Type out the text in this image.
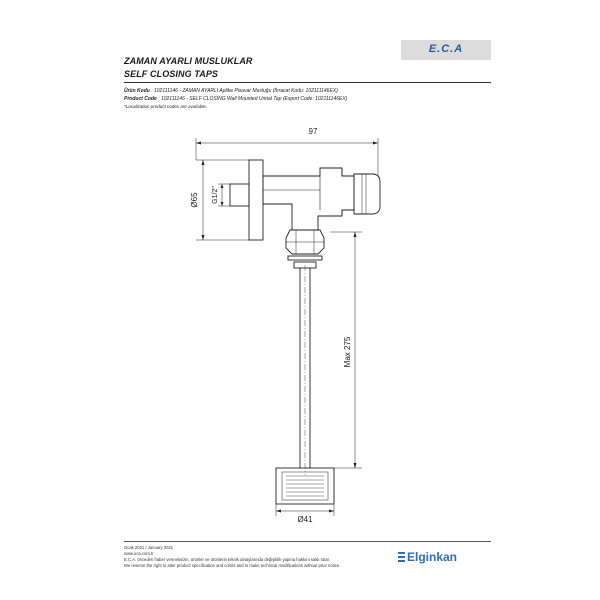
ZAMAN AYARLI MUSLUKLAR
SELF CLOSING TAPS
E.C.A
Ürün Kodu : 102111146 - ZAMAN AYARLI Aplike Pisuvar Musluğu (İhracat Kodu: 102111146EX)
Product Code : 102111146 - SELF CLOSING Wall Mounted Urinal Tap (Export Code: 102111146EX)
*Localization product codes are available.
97
Ø65 G1/2"
Max 275
Ø41
Ocak 2021 / January 2021
www.eca.com.tr
E.C.A. önceden haber vermeksizin, ürünler ve ürünlerin teknik detaylarında değişiklik yapma hakkını saklı tutar.
We reserve the right to alter product specification and colors and to make technical modifications without prior notice.
Elginkan
